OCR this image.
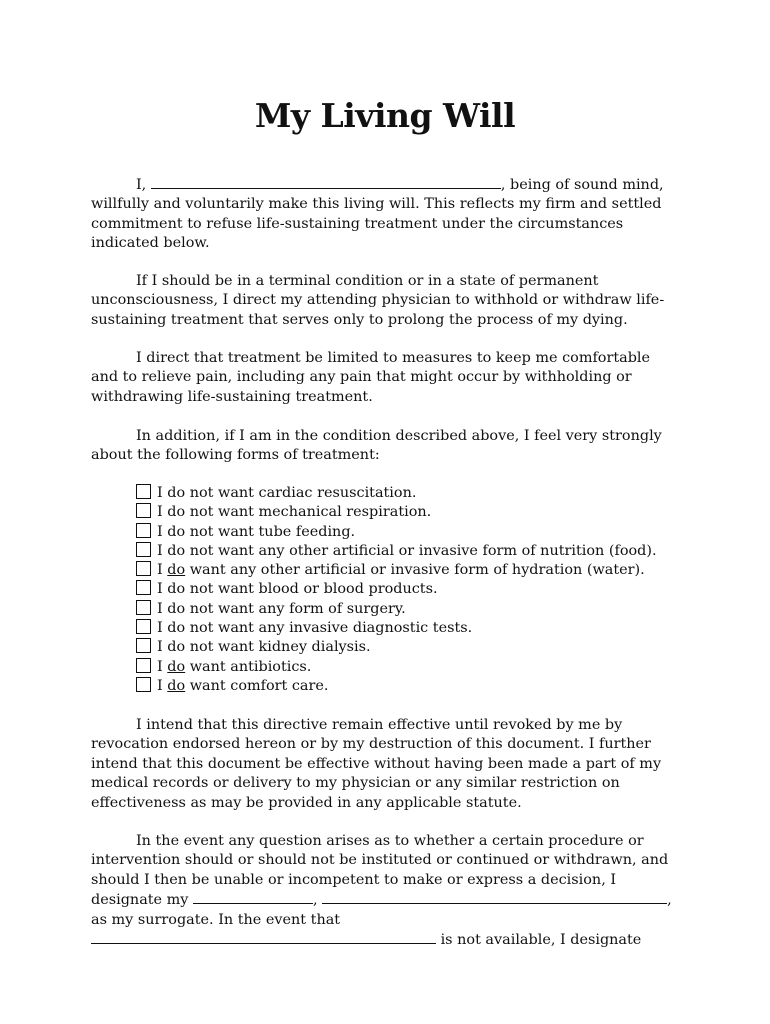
My Living Will

I,	, being of sound mind, willfully and voluntarily make this living will. This reflects my firm and settled commitment to refuse life-sustaining treatment under the circumstances indicated below.

If I should be in a terminal condition or in a state of permanent unconsciousness, I direct my attending physician to withhold or withdraw life-sustaining treatment that serves only to prolong the process of my dying.

I direct that treatment be limited to measures to keep me comfortable and to relieve pain, including any pain that might occur by withholding or withdrawing life-sustaining treatment.

In addition, if I am in the condition described above, I feel very strongly about the following forms of treatment:

I do not want cardiac resuscitation.
I do not want mechanical respiration.
I do not want tube feeding.
I do not want any other artificial or invasive form of nutrition (food).
I do want any other artificial or invasive form of hydration (water).
I do not want blood or blood products.
I do not want any form of surgery.
I do not want any invasive diagnostic tests.
I do not want kidney dialysis.
I do want antibiotics.
I do want comfort care.

I intend that this directive remain effective until revoked by me by revocation endorsed hereon or by my destruction of this document. I further intend that this document be effective without having been made a part of my medical records or delivery to my physician or any similar restriction on effectiveness as may be provided in any applicable statute.

In the event any question arises as to whether a certain procedure or intervention should or should not be instituted or continued or withdrawn, and should I then be unable or incompetent to make or express a decision, I designate my	,	, as my surrogate. In the event that  is not available, I designate
